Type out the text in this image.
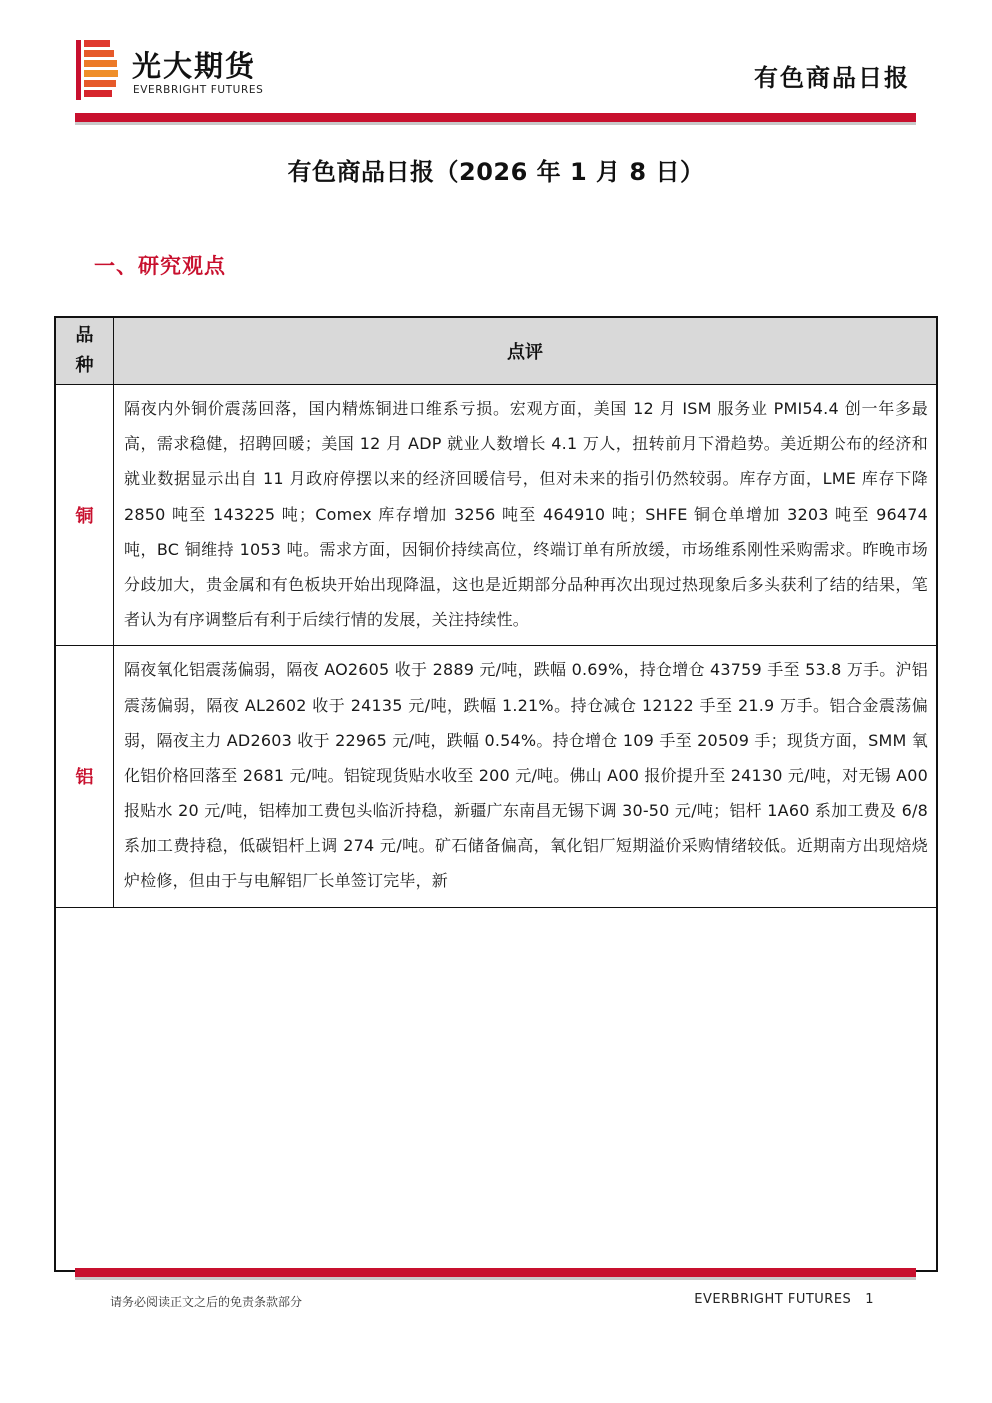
光大期货
EVERBRIGHT FUTURES	有色商品日报
有色商品日报（2026 年 1 月 8 日）
一、研究观点
品种	点评
铜	隔夜内外铜价震荡回落，国内精炼铜进口维系亏损。宏观方面，美国 12 月 ISM 服务业 PMI54.4 创一年多最高，需求稳健，招聘回暖；美国 12 月 ADP 就业人数增长 4.1 万人，扭转前月下滑趋势。美近期公布的经济和就业数据显示出自 11 月政府停摆以来的经济回暖信号，但对未来的指引仍然较弱。库存方面，LME 库存下降 2850 吨至 143225 吨；Comex 库存增加 3256 吨至 464910 吨；SHFE 铜仓单增加 3203 吨至 96474 吨，BC 铜维持 1053 吨。需求方面，因铜价持续高位，终端订单有所放缓，市场维系刚性采购需求。昨晚市场分歧加大，贵金属和有色板块开始出现降温，这也是近期部分品种再次出现过热现象后多头获利了结的结果，笔者认为有序调整后有利于后续行情的发展，关注持续性。
铝	隔夜氧化铝震荡偏弱，隔夜 AO2605 收于 2889 元/吨，跌幅 0.69%，持仓增仓 43759 手至 53.8 万手。沪铝震荡偏弱，隔夜 AL2602 收于 24135 元/吨，跌幅 1.21%。持仓减仓 12122 手至 21.9 万手。铝合金震荡偏弱，隔夜主力 AD2603 收于 22965 元/吨，跌幅 0.54%。持仓增仓 109 手至 20509 手；现货方面，SMM 氧化铝价格回落至 2681 元/吨。铝锭现货贴水收至 200 元/吨。佛山 A00 报价提升至 24130 元/吨，对无锡 A00 报贴水 20 元/吨，铝棒加工费包头临沂持稳，新疆广东南昌无锡下调 30-50 元/吨；铝杆 1A60 系加工费及 6/8 系加工费持稳，低碳铝杆上调 274 元/吨。矿石储备偏高，氧化铝厂短期溢价采购情绪较低。近期南方出现焙烧炉检修，但由于与电解铝厂长单签订完毕，新
请务必阅读正文之后的免责条款部分	EVERBRIGHT FUTURES 1
